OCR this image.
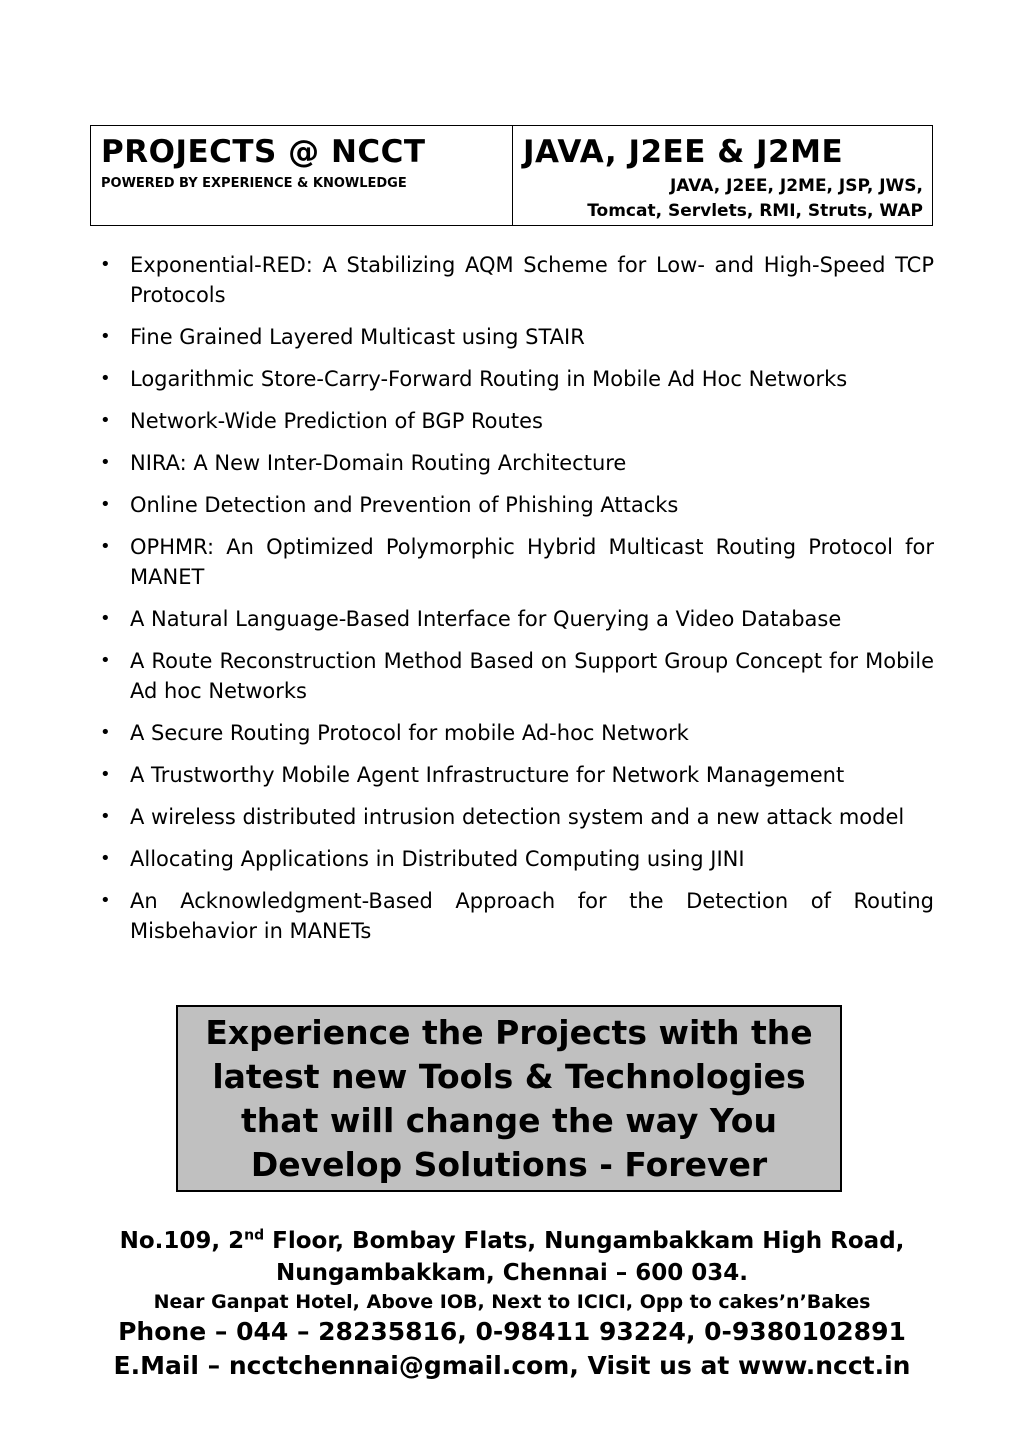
PROJECTS @ NCCT
POWERED BY EXPERIENCE & KNOWLEDGE
JAVA, J2EE & J2ME
JAVA, J2EE, J2ME, JSP, JWS,
Tomcat, Servlets, RMI, Struts, WAP
• Exponential-RED: A Stabilizing AQM Scheme for Low- and High-Speed TCP Protocols
• Fine Grained Layered Multicast using STAIR
• Logarithmic Store-Carry-Forward Routing in Mobile Ad Hoc Networks
• Network-Wide Prediction of BGP Routes
• NIRA: A New Inter-Domain Routing Architecture
• Online Detection and Prevention of Phishing Attacks
• OPHMR: An Optimized Polymorphic Hybrid Multicast Routing Protocol for MANET
• A Natural Language-Based Interface for Querying a Video Database
• A Route Reconstruction Method Based on Support Group Concept for Mobile Ad hoc Networks
• A Secure Routing Protocol for mobile Ad-hoc Network
• A Trustworthy Mobile Agent Infrastructure for Network Management
• A wireless distributed intrusion detection system and a new attack model
• Allocating Applications in Distributed Computing using JINI
• An Acknowledgment-Based Approach for the Detection of Routing Misbehavior in MANETs
Experience the Projects with the latest new Tools & Technologies that will change the way You Develop Solutions - Forever
No.109, 2nd Floor, Bombay Flats, Nungambakkam High Road,
Nungambakkam, Chennai – 600 034.
Near Ganpat Hotel, Above IOB, Next to ICICI, Opp to cakes’n’Bakes
Phone – 044 – 28235816, 0-98411 93224, 0-9380102891
E.Mail – ncctchennai@gmail.com, Visit us at www.ncct.in
